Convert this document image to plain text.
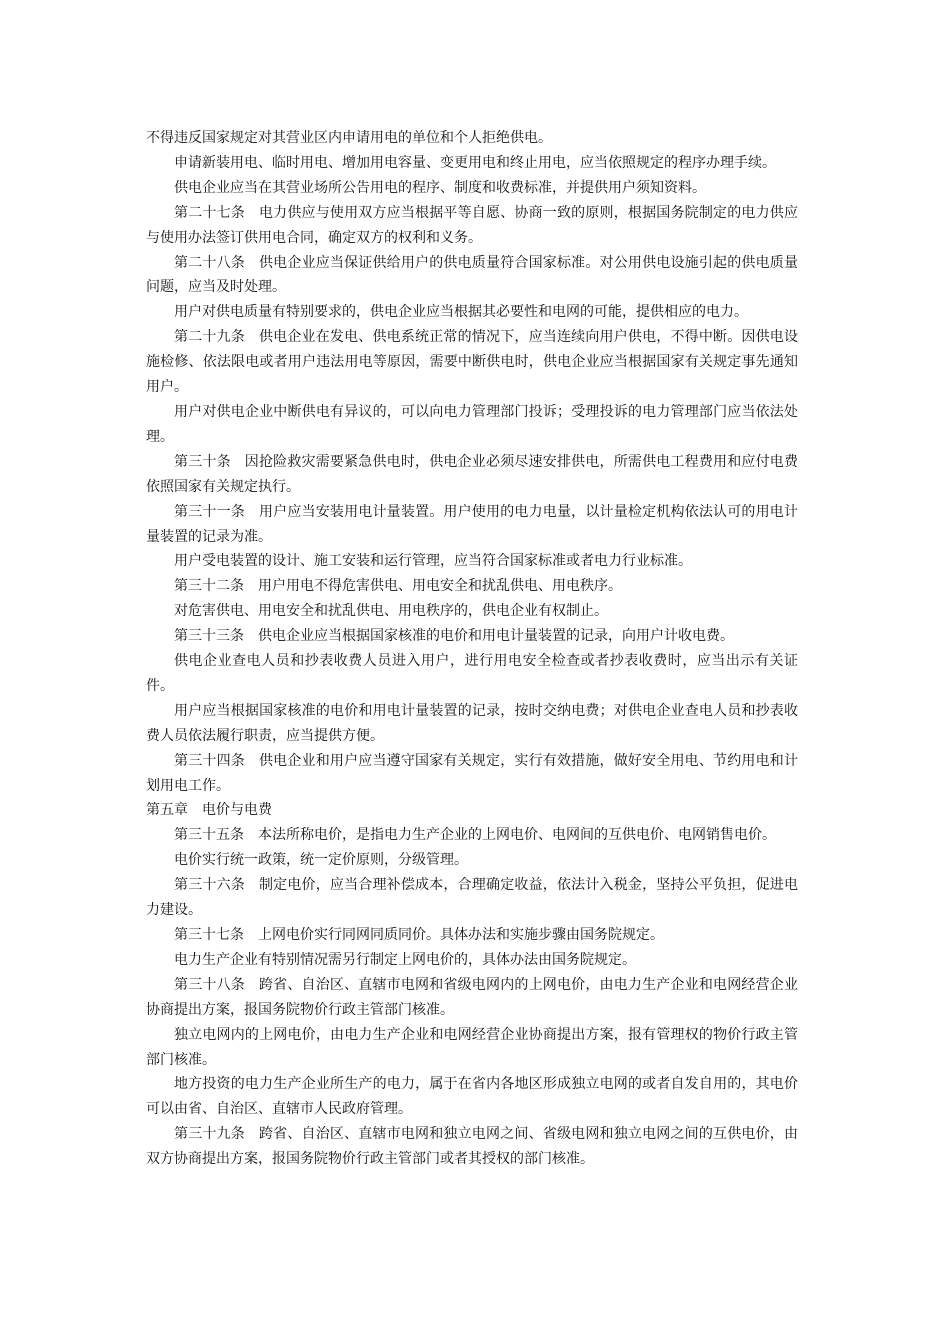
不得违反国家规定对其营业区内申请用电的单位和个人拒绝供电。

申请新装用电、临时用电、增加用电容量、变更用电和终止用电，应当依照规定的程序办理手续。

供电企业应当在其营业场所公告用电的程序、制度和收费标准，并提供用户须知资料。

第二十七条 电力供应与使用双方应当根据平等自愿、协商一致的原则，根据国务院制定的电力供应与使用办法签订供用电合同，确定双方的权利和义务。

第二十八条 供电企业应当保证供给用户的供电质量符合国家标准。对公用供电设施引起的供电质量问题，应当及时处理。

用户对供电质量有特别要求的，供电企业应当根据其必要性和电网的可能，提供相应的电力。

第二十九条 供电企业在发电、供电系统正常的情况下，应当连续向用户供电，不得中断。因供电设施检修、依法限电或者用户违法用电等原因，需要中断供电时，供电企业应当根据国家有关规定事先通知用户。

用户对供电企业中断供电有异议的，可以向电力管理部门投诉；受理投诉的电力管理部门应当依法处理。

第三十条 因抢险救灾需要紧急供电时，供电企业必须尽速安排供电，所需供电工程费用和应付电费依照国家有关规定执行。

第三十一条 用户应当安装用电计量装置。用户使用的电力电量，以计量检定机构依法认可的用电计量装置的记录为准。

用户受电装置的设计、施工安装和运行管理，应当符合国家标准或者电力行业标准。

第三十二条 用户用电不得危害供电、用电安全和扰乱供电、用电秩序。

对危害供电、用电安全和扰乱供电、用电秩序的，供电企业有权制止。

第三十三条 供电企业应当根据国家核准的电价和用电计量装置的记录，向用户计收电费。

供电企业查电人员和抄表收费人员进入用户，进行用电安全检查或者抄表收费时，应当出示有关证件。

用户应当根据国家核准的电价和用电计量装置的记录，按时交纳电费；对供电企业查电人员和抄表收费人员依法履行职责，应当提供方便。

第三十四条 供电企业和用户应当遵守国家有关规定，实行有效措施，做好安全用电、节约用电和计划用电工作。

第五章 电价与电费

第三十五条 本法所称电价，是指电力生产企业的上网电价、电网间的互供电价、电网销售电价。

电价实行统一政策，统一定价原则，分级管理。

第三十六条 制定电价，应当合理补偿成本，合理确定收益，依法计入税金，坚持公平负担，促进电力建设。

第三十七条 上网电价实行同网同质同价。具体办法和实施步骤由国务院规定。

电力生产企业有特别情况需另行制定上网电价的，具体办法由国务院规定。

第三十八条 跨省、自治区、直辖市电网和省级电网内的上网电价，由电力生产企业和电网经营企业协商提出方案，报国务院物价行政主管部门核准。

独立电网内的上网电价，由电力生产企业和电网经营企业协商提出方案，报有管理权的物价行政主管部门核准。

地方投资的电力生产企业所生产的电力，属于在省内各地区形成独立电网的或者自发自用的，其电价可以由省、自治区、直辖市人民政府管理。

第三十九条 跨省、自治区、直辖市电网和独立电网之间、省级电网和独立电网之间的互供电价，由双方协商提出方案，报国务院物价行政主管部门或者其授权的部门核准。
